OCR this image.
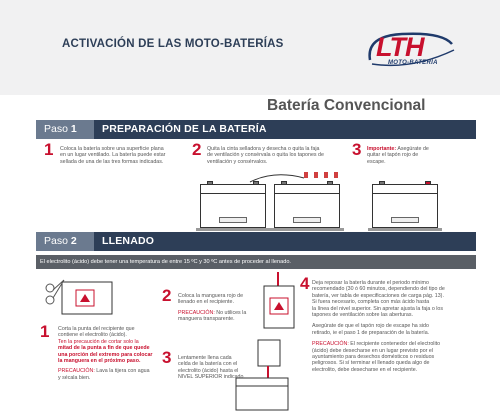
ACTIVACIÓN DE LAS MOTO-BATERÍAS	LTH
MOTO-BATERIA
Batería Convencional
Paso 1	PREPARACIÓN DE LA BATERÍA
1 Coloca la batería sobre una superficie plana
en un lugar ventilado. La batería puede estar
sellada de una de las tres formas indicadas.
2 Quita la cinta selladora y desecha o quita la faja
de ventilación y consérvala o quita los tapones de
ventilación y consérvalos.
3 Importante: Asegúrate de
quitar el tapón rojo de
escape.
Paso 2	LLENADO
El electrolito (ácido) debe tener una temperatura de entre 15 ºC y 30 ºC antes de proceder al llenado.
1 Corta la punta del recipiente que
contiene el electrolito (ácido).
Ten la precaución de cortar solo la
mitad de la punta a fin de que quede
una porción del extremo para colocar
la manguera en el próximo paso.
PRECAUCIÓN: Lava la tijera con agua
y sécala bien.
2 Coloca la manguera rojo de
llenado en el recipiente.
PRECAUCIÓN: No utilices la
manguera transparente.
3 Lentamente llena cada
celda de la batería con el
electrolito (ácido) hasta el
NIVEL SUPERIOR indicado.
4 Deja reposar la batería durante el periodo mínimo
recomendado (30 ó 60 minutos, dependiendo del tipo de
batería, ver tabla de especificaciones de carga pág. 13).
Si fuera necesario, completa con más ácido hasta
la línea del nivel superior. Sin apretar ajusta la faja o los
tapones de ventilación sobre las aberturas.
Asegúrate de que el tapón rojo de escape ha sido
retirado, ie el paso 1 de preparación de la batería.
PRECAUCIÓN: El recipiente contenedor del electrolito
(ácido) debe desecharse en un lugar previsto por el
ayuntamiento para desechos domésticos o residuos
peligrosos. Si sí terminar el llenado queda algo de
electrolito, debe desecharse en el recipiente.
